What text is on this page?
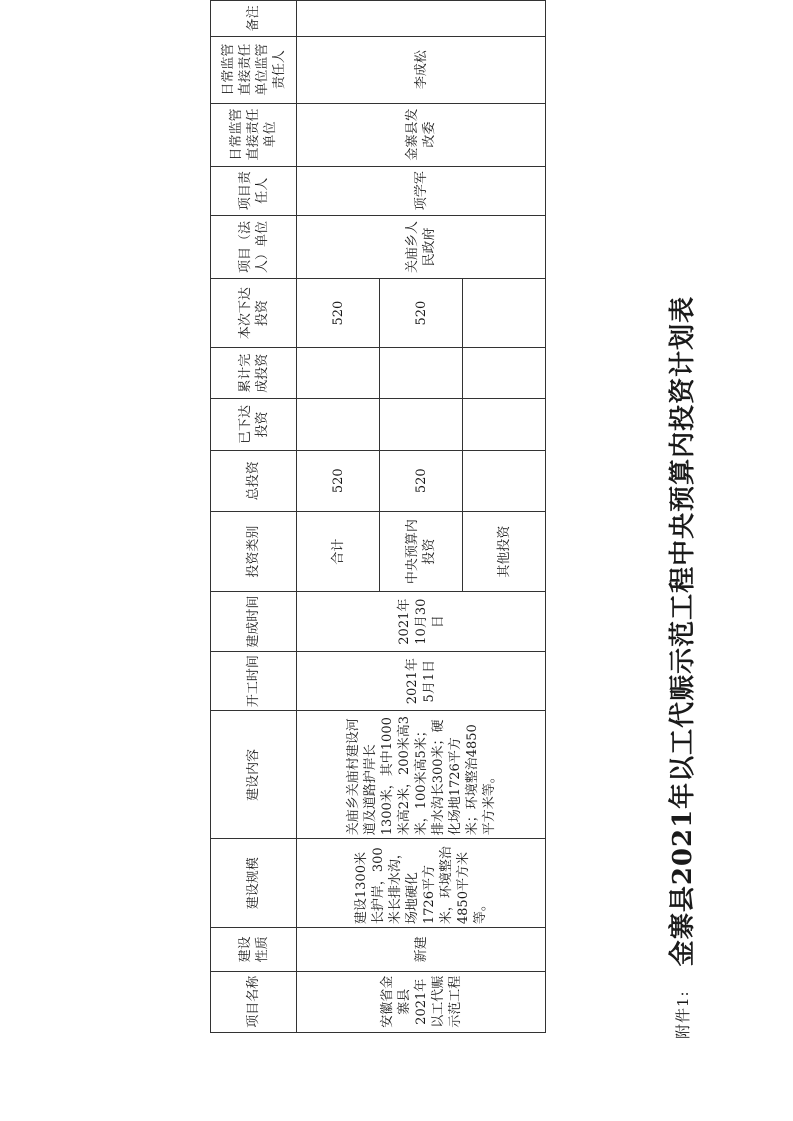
附件1:
金寨县2021年以工代赈示范工程中央预算内投资计划表
项目名称	建设性质	建设规模	建设内容	开工时间	建成时间	投资类别	总投资	已下达投资	累计完成投资	本次下达投资	项目（法人）单位	项目责任人	日常监管直接责任单位	日常监管直接责任单位监管责任人	备注
安徽省金寨县2021年以工代赈示范工程	新建	建设1300米长护岸，300米长排水沟，场地硬化1726平方米，环境整治4850平方米等。	关庙乡关庙村建设河道及道路护岸长1300米，其中1000米高2米，200米高3米，100米高5米；排水沟长300米；硬化场地1726平方米；环境整治4850平方米等。	2021年5月1日	2021年10月30日	合计	520			520	关庙乡人民政府	项学军	金寨县发改委	李成松	
						中央预算内投资	520			520					
						其他投资									
